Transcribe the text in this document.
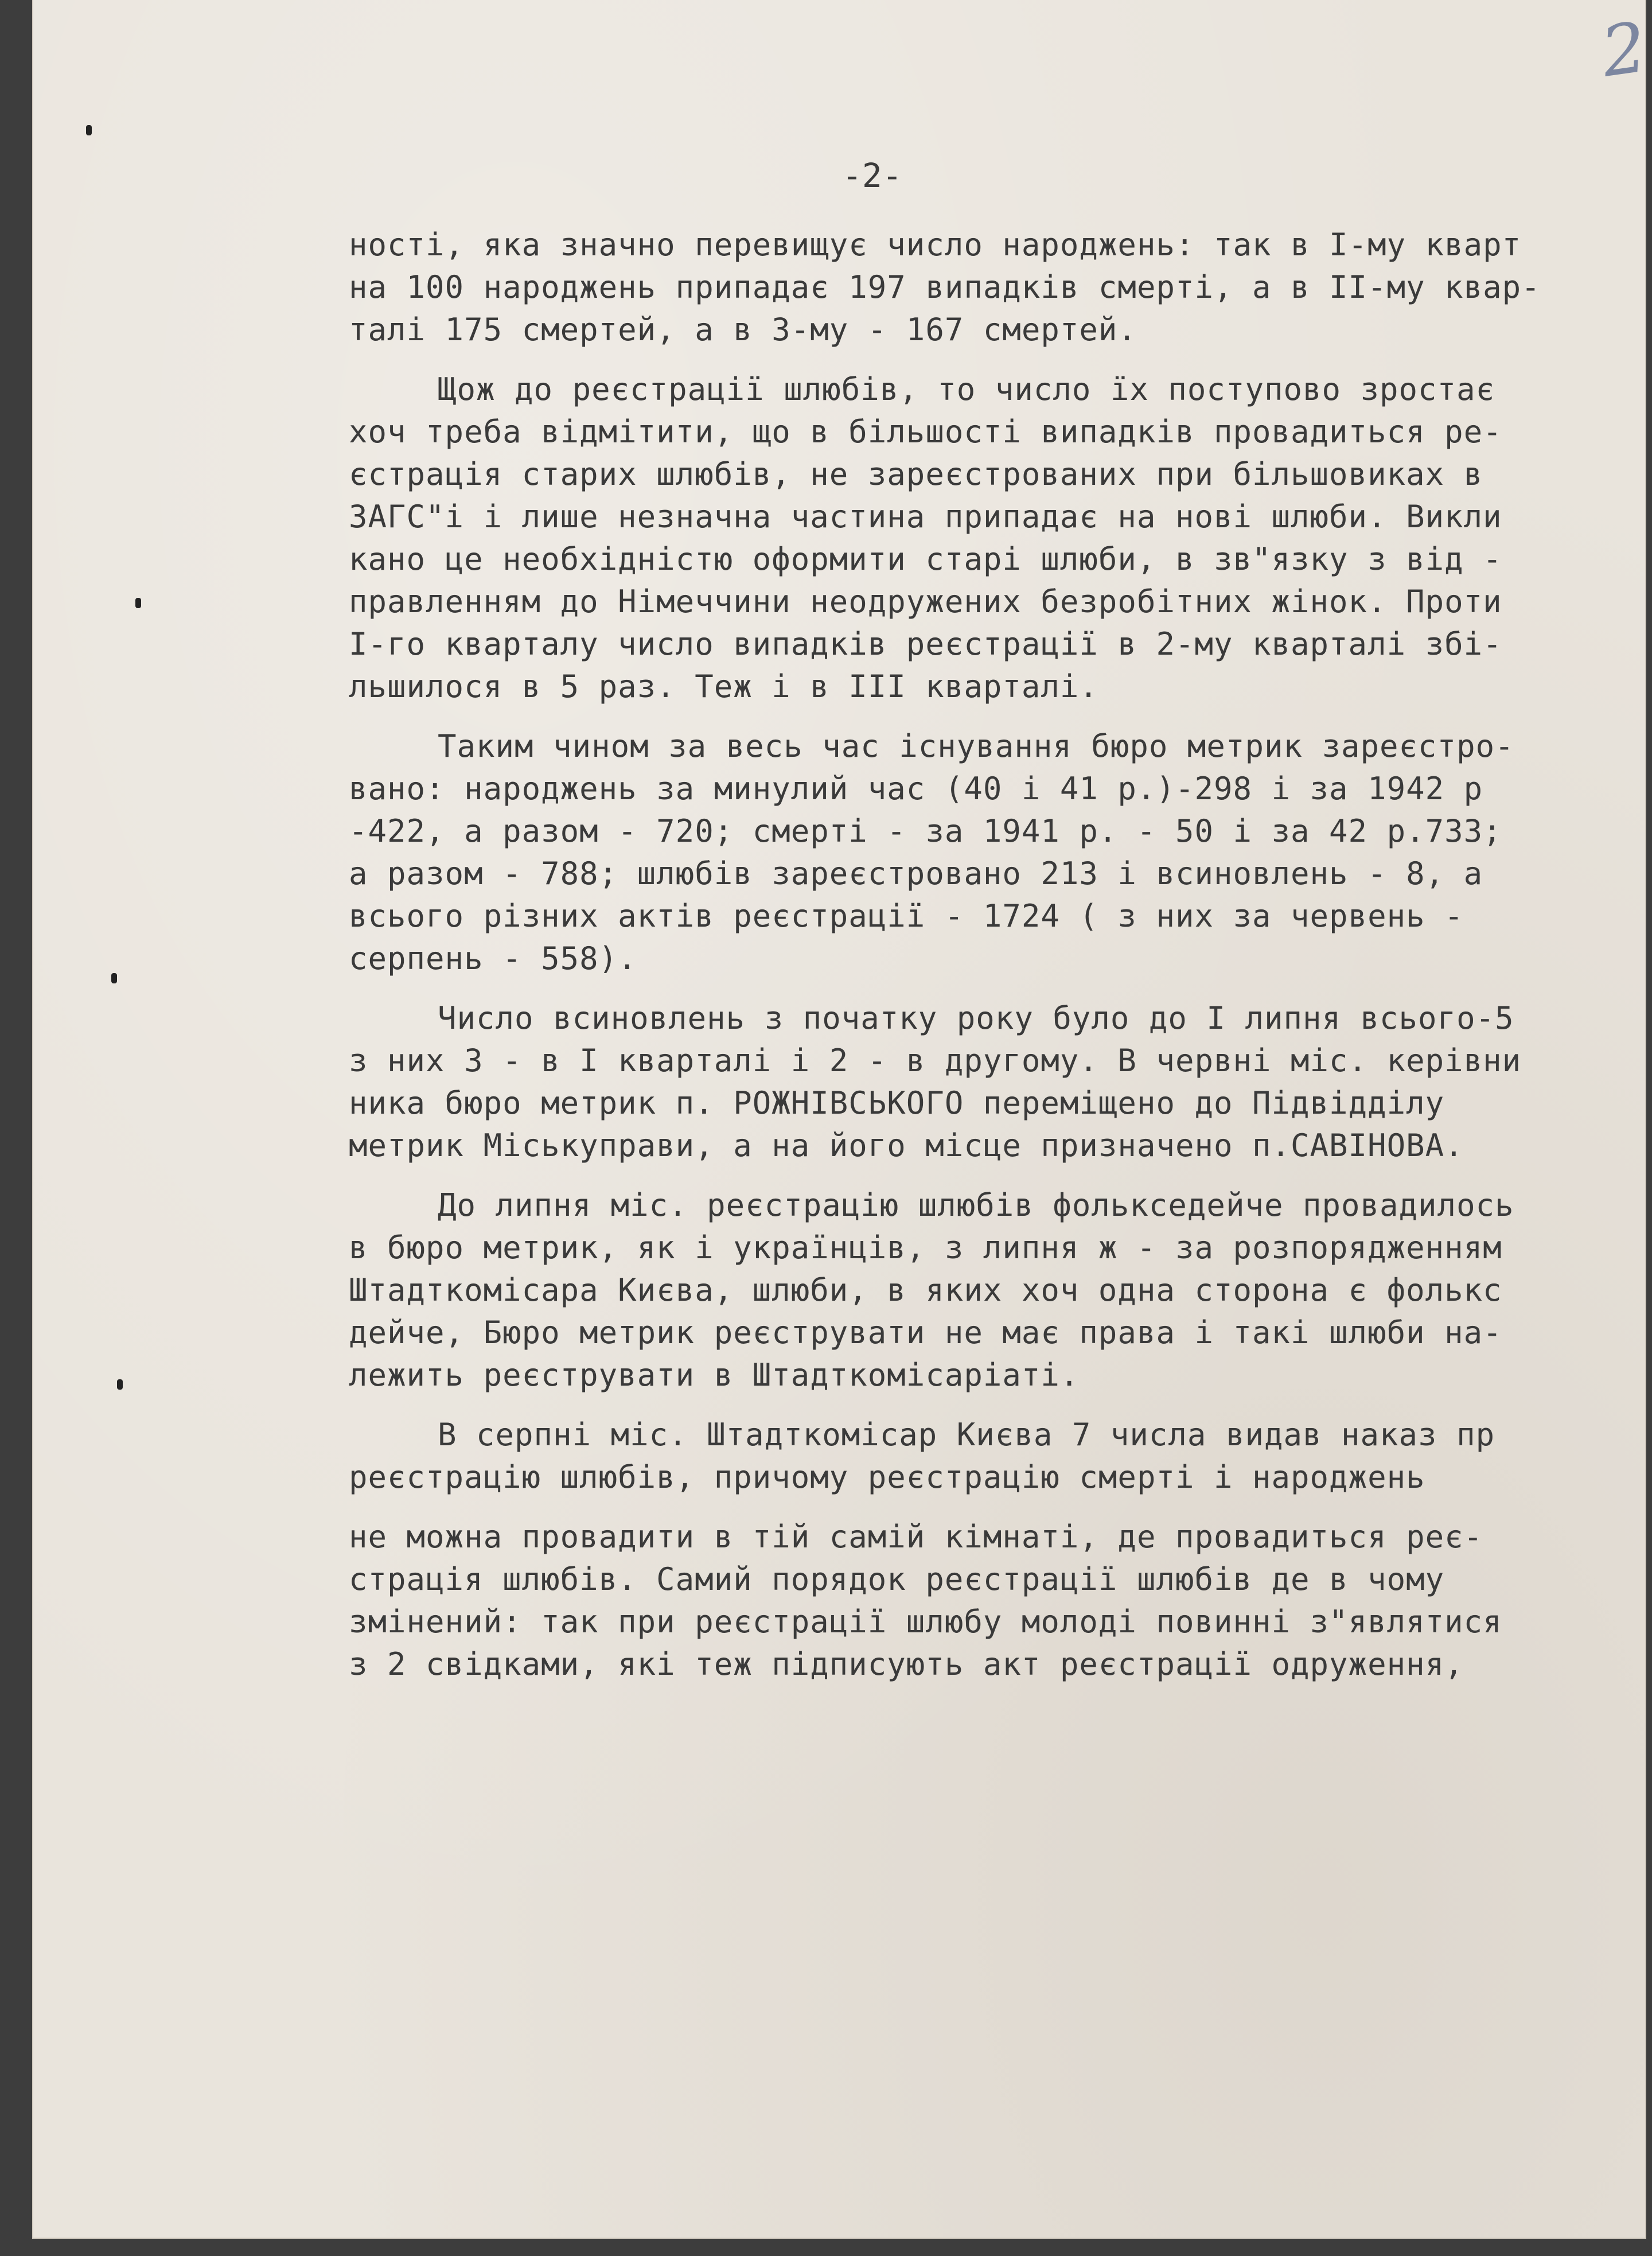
2
-2-
ності, яка значно перевищує число народжень: так в І-му кварт
на 100 народжень припадає 197 випадків смерті, а в ІІ-му квар-
талі 175 смертей, а в 3-му - 167 смертей.
Щож до реєстрації шлюбів, то число їх поступово зростає
хоч треба відмітити, що в більшості випадків провадиться ре-
єстрація старих шлюбів, не зареєстрованих при більшовиках в
ЗАГС"і і лише незначна частина припадає на нові шлюби. Викли
кано це необхідністю оформити старі шлюби, в зв"язку з від -
правленням до Німеччини неодружених безробітних жінок. Проти
І-го кварталу число випадків реєстрації в 2-му кварталі збі-
льшилося в 5 раз. Теж і в ІІІ кварталі.
Таким чином за весь час існування бюро метрик зареєстро-
вано: народжень за минулий час (40 і 41 р.)-298 і за 1942 р
-422, а разом - 720; смерті - за 1941 р. - 50 і за 42 р.733;
а разом - 788; шлюбів зареєстровано 213 і всиновлень - 8, а
всього різних актів реєстрації - 1724 ( з них за червень -
серпень - 558).
Число всиновлень з початку року було до І липня всього-5
з них 3 - в І кварталі і 2 - в другому. В червні міс. керівни
ника бюро метрик п. РОЖНІВСЬКОГО переміщено до Підвідділу
метрик Міськуправи, а на його місце призначено п.САВІНОВА.
До липня міс. реєстрацію шлюбів фолькседейче провадилось
в бюро метрик, як і українців, з липня ж - за розпорядженням
Штадткомісара Києва, шлюби, в яких хоч одна сторона є фолькс
дейче, Бюро метрик реєструвати не має права і такі шлюби на-
лежить реєструвати в Штадткомісаріаті.
В серпні міс. Штадткомісар Києва 7 числа видав наказ пр
реєстрацію шлюбів, причому реєстрацію смерті і народжень
не можна провадити в тій самій кімнаті, де провадиться реє-
страція шлюбів. Самий порядок реєстрації шлюбів де в чому
змінений: так при реєстрації шлюбу молоді повинні з"являтися
з 2 свідками, які теж підписують акт реєстрації одруження,
